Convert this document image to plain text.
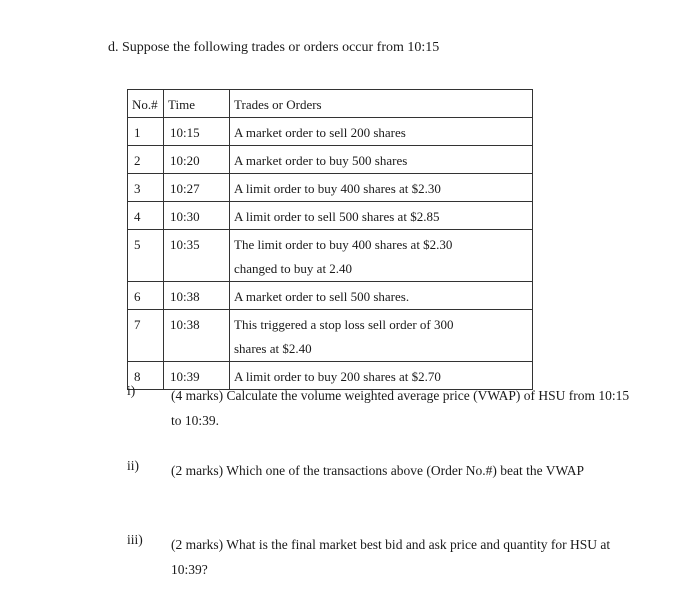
d. Suppose the following trades or orders occur from 10:15
No.#	Time	Trades or Orders
1	10:15	A market order to sell 200 shares
2	10:20	A market order to buy 500 shares
3	10:27	A limit order to buy 400 shares at $2.30
4	10:30	A limit order to sell 500 shares at $2.85
5	10:35	The limit order to buy 400 shares at $2.30
changed to buy at 2.40

6	10:38	A market order to sell 500 shares.
7	10:38	This triggered a stop loss sell order of 300
shares at $2.40

8	10:39	A limit order to buy 200 shares at $2.70
i)	(4 marks) Calculate the volume weighted average price (VWAP) of HSU from 10:15 to 10:39.
ii)	(2 marks) Which one of the transactions above (Order No.#) beat the VWAP
iii)	(2 marks) What is the final market best bid and ask price and quantity for HSU at 10:39?
